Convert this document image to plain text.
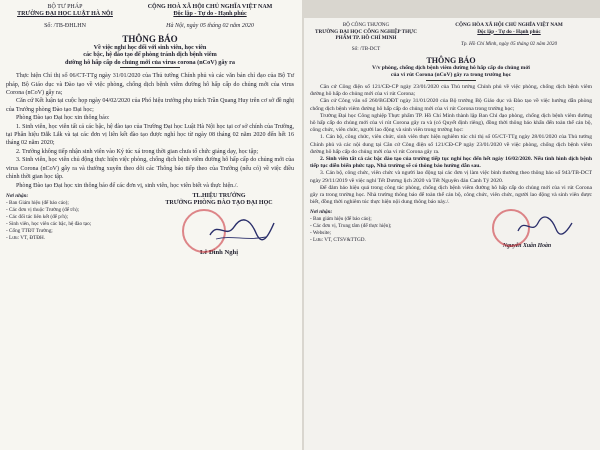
BỘ TƯ PHÁP
TRƯỜNG ĐẠI HỌC LUẬT HÀ NỘI
Số: /TB-ĐHLHN
CỘNG HOÀ XÃ HỘI CHỦ NGHĨA VIỆT NAM
Độc lập - Tự do - Hạnh phúc
Hà Nội, ngày 05 tháng 02 năm 2020
THÔNG BÁO
Về việc nghỉ học đối với sinh viên, học viên
các bậc, hệ đào tạo để phòng tránh dịch bệnh viêm
đường hô hấp cấp do chủng mới của virus corona (nCoV) gây ra

Thực hiện Chỉ thị số 06/CT-TTg ngày 31/01/2020 của Thủ tướng Chính phủ và các văn bản chỉ đạo của Bộ Tư pháp, Bộ Giáo dục và Đào tạo về việc phòng, chống dịch bệnh viêm đường hô hấp cấp do chủng mới của virus Corona (nCoV) gây ra;

Căn cứ Kết luận tại cuộc họp ngày 04/02/2020 của Phó hiệu trưởng phụ trách Trần Quang Huy trên cơ sở đề nghị của Trưởng phòng Đào tạo Đại học;

Phòng Đào tạo Đại học xin thông báo:

1. Sinh viên, học viên tất cả các bậc, hệ đào tạo của Trường Đại học Luật Hà Nội học tại cơ sở chính của Trường, tại Phân hiệu Đắk Lắk và tại các đơn vị liên kết đào tạo được nghỉ học từ ngày 08 tháng 02 năm 2020 đến hết 16 tháng 02 năm 2020;

2. Trường không tiếp nhận sinh viên vào Ký túc xá trong thời gian chưa tổ chức giảng dạy, học tập;

3. Sinh viên, học viên chủ động thực hiện việc phòng, chống dịch bệnh viêm đường hô hấp cấp do chủng mới của virus Corona (nCoV) gây ra và thường xuyên theo dõi các Thông báo tiếp theo của Trường (nếu có) về việc điều chỉnh thời gian học tập.

Phòng Đào tạo Đại học xin thông báo để các đơn vị, sinh viên, học viên biết và thực hiện./.

Nơi nhận:
- Ban Giám hiệu (để báo cáo);
- Các đơn vị thuộc Trường (để t/h);
- Các đối tác liên kết (để p/h);
- Sinh viên, học viên các bậc, hệ đào tạo;
- Cổng TTĐT Trường;
- Lưu: VT, ĐTĐH.
TL.HIỆU TRƯỞNG
TRƯỞNG PHÒNG ĐÀO TẠO ĐẠI HỌC
Lê Đình Nghị
BỘ CÔNG THƯƠNG
TRƯỜNG ĐẠI HỌC CÔNG NGHIỆP THỰC PHẨM TP. HỒ CHÍ MINH
Số: /TB-DCT
CỘNG HÒA XÃ HỘI CHỦ NGHĨA VIỆT NAM
Độc lập - Tự do - Hạnh phúc
Tp. Hồ Chí Minh, ngày 05 tháng 02 năm 2020
THÔNG BÁO
V/v phòng, chống dịch bệnh viêm đường hô hấp cấp do chủng mới
của vi rút Corona (nCoV) gây ra trong trường học

Căn cứ Công điện số 121/CĐ-CP ngày 23/01/2020 của Thủ tướng Chính phủ về việc phòng, chống dịch bệnh viêm đường hô hấp do chủng mới của vi rút Corona;

Căn cứ Công văn số 260/BGDĐT ngày 31/01/2020 của Bộ trưởng Bộ Giáo dục và Đào tạo về việc hướng dẫn phòng chống dịch bệnh viêm đường hô hấp cấp do chủng mới của vi rút Corona trong trường học;

Trường Đại học Công nghiệp Thực phẩm TP. Hồ Chí Minh thành lập Ban Chỉ đạo phòng, chống dịch bệnh viêm đường hô hấp cấp do chủng mới của vi rút Corona gây ra và (có Quyết định riêng), đồng thời thông báo khẩn đến toàn thể cán bộ, công chức, viên chức, người lao động và sinh viên trong trường học:

1. Cán bộ, công chức, viên chức, sinh viên thực hiện nghiêm túc chỉ thị số 05/CT-TTg ngày 28/01/2020 của Thủ tướng Chính phủ và các nội dung tại Căn cứ Công điện số 121/CĐ-CP ngày 23/01/2020 về việc phòng, chống dịch bệnh viêm đường hô hấp cấp do chủng mới của vi rút Corona gây ra.

2. Sinh viên tất cả các bậc đào tạo của trường tiếp tục nghỉ học đến hết ngày 16/02/2020. Nếu tình hình dịch bệnh tiếp tục diễn biến phức tạp, Nhà trường sẽ có thông báo hướng dẫn sau.

3. Cán bộ, công chức, viên chức và người lao động tại các đơn vị làm việc bình thường theo thông báo số 943/TB-DCT ngày 29/11/2019 về việc nghỉ Tết Dương lịch 2020 và Tết Nguyên đán Canh Tý 2020.

Để đảm bảo hiệu quả trong công tác phòng, chống dịch bệnh viêm đường hô hấp cấp do chủng mới của vi rút Corona gây ra trong trường học. Nhà trường thông báo để toàn thể cán bộ, công chức, viên chức, người lao động và sinh viên được biết, đồng thời nghiêm túc thực hiện nội dung thông báo này./.

Nơi nhận:
- Ban giám hiệu (để báo cáo);
- Các đơn vị, Trung tâm (để thực hiện);
- Website;
- Lưu: VT, CTSV&TTGD.
Nguyễn Xuân Hoàn
